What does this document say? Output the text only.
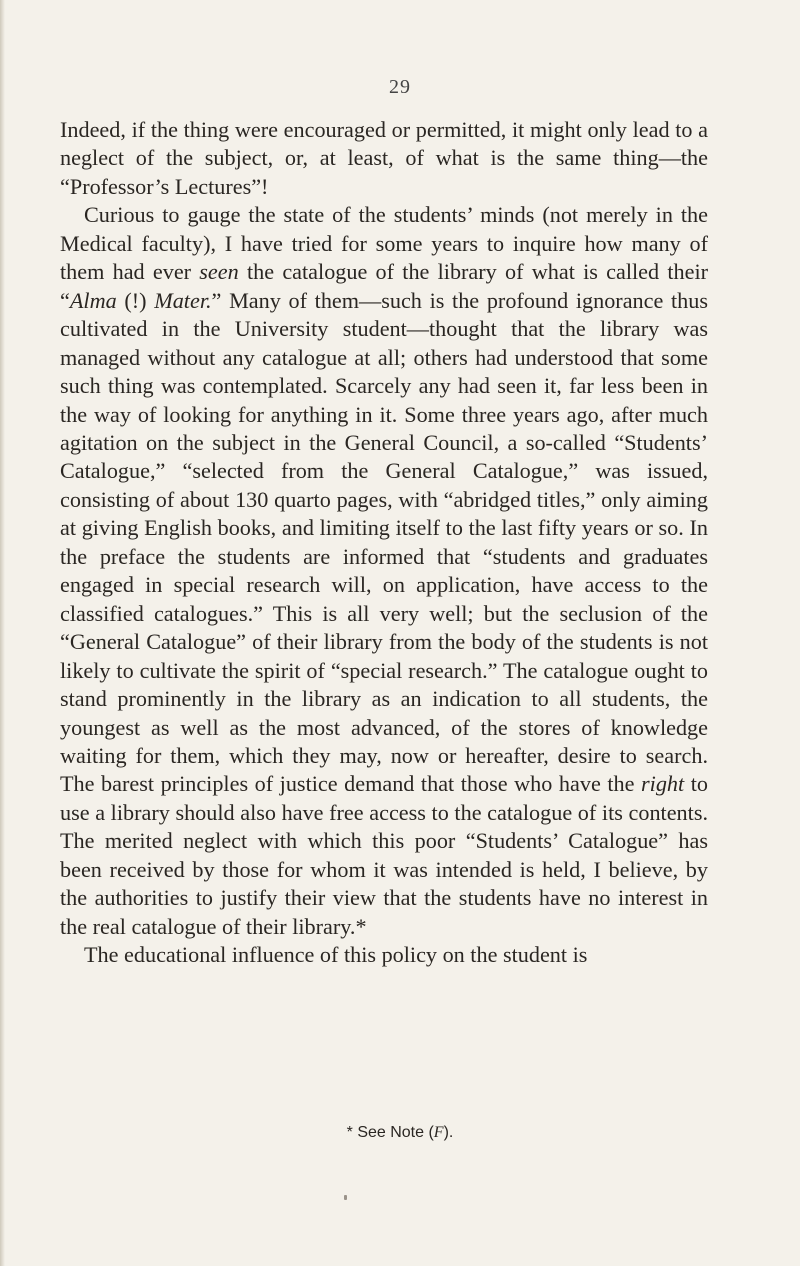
29

Indeed, if the thing were encouraged or permitted, it might only lead to a neglect of the subject, or, at least, of what is the same thing—the “Professor’s Lectures”!

Curious to gauge the state of the students’ minds (not merely in the Medical faculty), I have tried for some years to inquire how many of them had ever seen the catalogue of the library of what is called their “Alma (!) Mater.” Many of them—such is the profound ignorance thus cultivated in the University student—thought that the library was managed without any catalogue at all; others had understood that some such thing was contemplated. Scarcely any had seen it, far less been in the way of looking for anything in it. Some three years ago, after much agitation on the subject in the General Council, a so-called “Students’ Catalogue,” “selected from the General Catalogue,” was issued, consisting of about 130 quarto pages, with “abridged titles,” only aiming at giving English books, and limiting itself to the last fifty years or so. In the preface the students are informed that “students and graduates engaged in special research will, on application, have access to the classified catalogues.” This is all very well; but the seclusion of the “General Catalogue” of their library from the body of the students is not likely to cultivate the spirit of “special research.” The catalogue ought to stand prominently in the library as an indication to all students, the youngest as well as the most advanced, of the stores of knowledge waiting for them, which they may, now or hereafter, desire to search. The barest principles of justice demand that those who have the right to use a library should also have free access to the catalogue of its contents. The merited neglect with which this poor “Students’ Catalogue” has been received by those for whom it was intended is held, I believe, by the authorities to justify their view that the students have no interest in the real catalogue of their library.*

The educational influence of this policy on the student is

* See Note (F).
